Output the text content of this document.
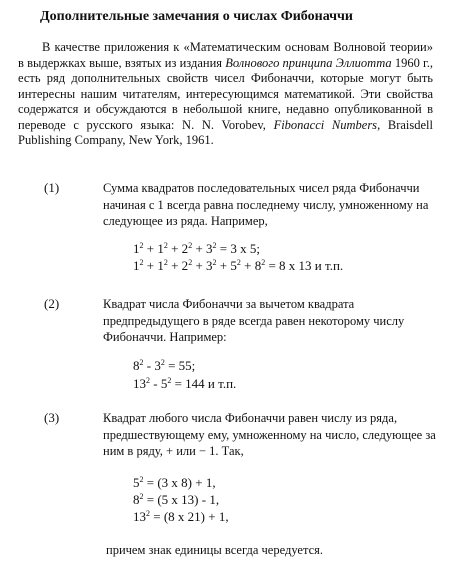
Дополнительные замечания о числах Фибоначчи
В качестве приложения к «Математическим основам Волновой теории» в выдержках выше, взятых из издания Волнового принципа Эллиотта 1960 г., есть ряд дополнительных свойств чисел Фибоначчи, которые могут быть интересны нашим читателям, интересующимся математикой. Эти свойства содержатся и обсуждаются в небольшой книге, недавно опубликованной в переводе с русского языка: N. N. Vorobev, Fibonacci Numbers, Braisdell Publishing Company, New York, 1961.
(1)	Сумма квадратов последовательных чисел ряда Фибоначчи начиная с 1 всегда равна последнему числу, умноженному на следующее из ряда. Например,
$1^2 + 1^2 + 2^2 + 3^2 = 3$ x 5;
$1^2 + 1^2 + 2^2 + 3^2 + 5^2 + 8^2 = 8$ x 13 и т.п.
(2)	Квадрат числа Фибоначчи за вычетом квадрата предпредыдущего в ряде всегда равен некоторому числу Фибоначчи. Например:
$8^2 - 3^2 = 55$;
$13^2 - 5^2 = 144$ и т.п.
(3)	Квадрат любого числа Фибоначчи равен числу из ряда, предшествующему ему, умноженному на число, следующее за ним в ряду, + или − 1. Так,
$5^2 = (3$ x 8) + 1,
$8^2 = (5$ x 13) - 1,
$13^2 = (8$ x 21) + 1,
причем знак единицы всегда чередуется.
